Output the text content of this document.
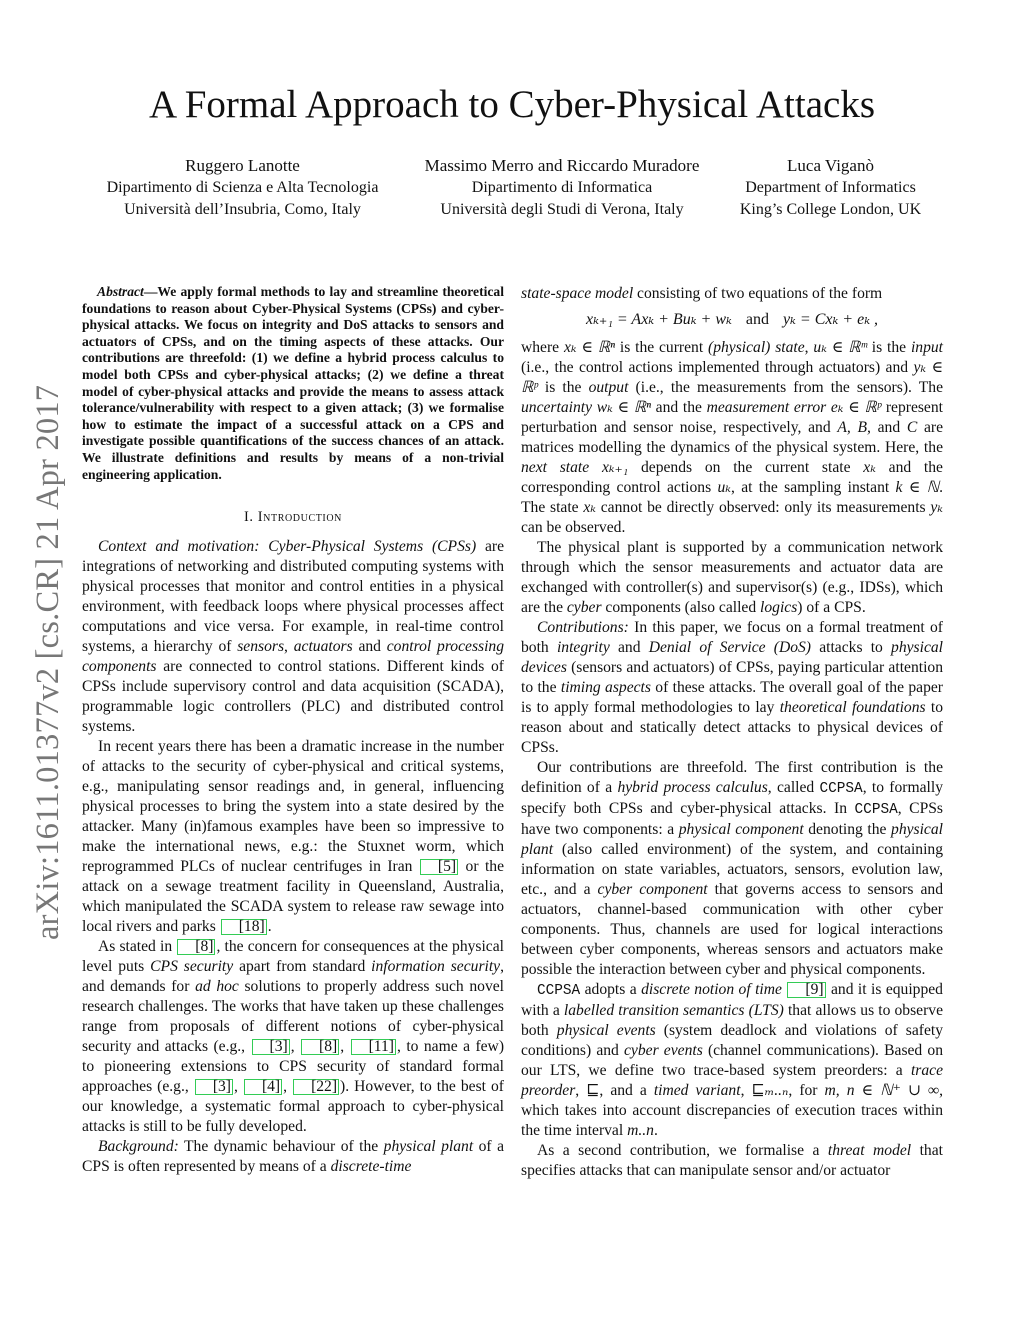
arXiv:1611.01377v2 [cs.CR] 21 Apr 2017
A Formal Approach to Cyber-Physical Attacks
Ruggero Lanotte
Dipartimento di Scienza e Alta Tecnologia
Università dell’Insubria, Como, Italy
Massimo Merro and Riccardo Muradore
Dipartimento di Informatica
Università degli Studi di Verona, Italy
Luca Viganò
Department of Informatics
King’s College London, UK

Abstract—We apply formal methods to lay and streamline theoretical foundations to reason about Cyber-Physical Systems (CPSs) and cyber-physical attacks. We focus on integrity and DoS attacks to sensors and actuators of CPSs, and on the timing aspects of these attacks. Our contributions are threefold: (1) we define a hybrid process calculus to model both CPSs and cyber-physical attacks; (2) we define a threat model of cyber-physical attacks and provide the means to assess attack tolerance/vulnerability with respect to a given attack; (3) we formalise how to estimate the impact of a successful attack on a CPS and investigate possible quantifications of the success chances of an attack. We illustrate definitions and results by means of a non-trivial engineering application.

I. Introduction

Context and motivation: Cyber-Physical Systems (CPSs) are integrations of networking and distributed computing systems with physical processes that monitor and control entities in a physical environment, with feedback loops where physical processes affect computations and vice versa. For example, in real-time control systems, a hierarchy of sensors, actuators and control processing components are connected to control stations. Different kinds of CPSs include supervisory control and data acquisition (SCADA), programmable logic controllers (PLC) and distributed control systems.

In recent years there has been a dramatic increase in the number of attacks to the security of cyber-physical and critical systems, e.g., manipulating sensor readings and, in general, influencing physical processes to bring the system into a state desired by the attacker. Many (in)famous examples have been so impressive to make the international news, e.g.: the Stuxnet worm, which reprogrammed PLCs of nuclear centrifuges in Iran [5] or the attack on a sewage treatment facility in Queensland, Australia, which manipulated the SCADA system to release raw sewage into local rivers and parks [18] .

As stated in [8] , the concern for consequences at the physical level puts CPS security apart from standard information security, and demands for ad hoc solutions to properly address such novel research challenges. The works that have taken up these challenges range from proposals of different notions of cyber-physical security and attacks (e.g., [3] , [8] , [11] , to name a few) to pioneering extensions to CPS security of standard formal approaches (e.g., [3] , [4] , [22] ). However, to the best of our knowledge, a systematic formal approach to cyber-physical attacks is still to be fully developed.

Background: The dynamic behaviour of the physical plant of a CPS is often represented by means of a discrete-time

state-space model consisting of two equations of the form

xₖ₊₁ = Axₖ + Buₖ + wₖ and yₖ = Cxₖ + eₖ ,

where xₖ ∈ ℝⁿ is the current (physical) state, uₖ ∈ ℝᵐ is the input (i.e., the control actions implemented through actuators) and yₖ ∈ ℝᵖ is the output (i.e., the measurements from the sensors). The uncertainty wₖ ∈ ℝⁿ and the measurement error eₖ ∈ ℝᵖ represent perturbation and sensor noise, respectively, and A, B, and C are matrices modelling the dynamics of the physical system. Here, the next state xₖ₊₁ depends on the current state xₖ and the corresponding control actions uₖ, at the sampling instant k ∈ ℕ. The state xₖ cannot be directly observed: only its measurements yₖ can be observed.

The physical plant is supported by a communication network through which the sensor measurements and actuator data are exchanged with controller(s) and supervisor(s) (e.g., IDSs), which are the cyber components (also called logics) of a CPS.

Contributions: In this paper, we focus on a formal treatment of both integrity and Denial of Service (DoS) attacks to physical devices (sensors and actuators) of CPSs, paying particular attention to the timing aspects of these attacks. The overall goal of the paper is to apply formal methodologies to lay theoretical foundations to reason about and statically detect attacks to physical devices of CPSs.

Our contributions are threefold. The first contribution is the definition of a hybrid process calculus, called CCPSA, to formally specify both CPSs and cyber-physical attacks. In CCPSA, CPSs have two components: a physical component denoting the physical plant (also called environment) of the system, and containing information on state variables, actuators, sensors, evolution law, etc., and a cyber component that governs access to sensors and actuators, channel-based communication with other cyber components. Thus, channels are used for logical interactions between cyber components, whereas sensors and actuators make possible the interaction between cyber and physical components.

CCPSA adopts a discrete notion of time [9] and it is equipped with a labelled transition semantics (LTS) that allows us to observe both physical events (system deadlock and violations of safety conditions) and cyber events (channel communications). Based on our LTS, we define two trace-based system preorders: a trace preorder, ⊑, and a timed variant, ⊑ₘ..ₙ, for m, n ∈ ℕ⁺ ∪ ∞, which takes into account discrepancies of execution traces within the time interval m..n.

As a second contribution, we formalise a threat model that specifies attacks that can manipulate sensor and/or actuator
